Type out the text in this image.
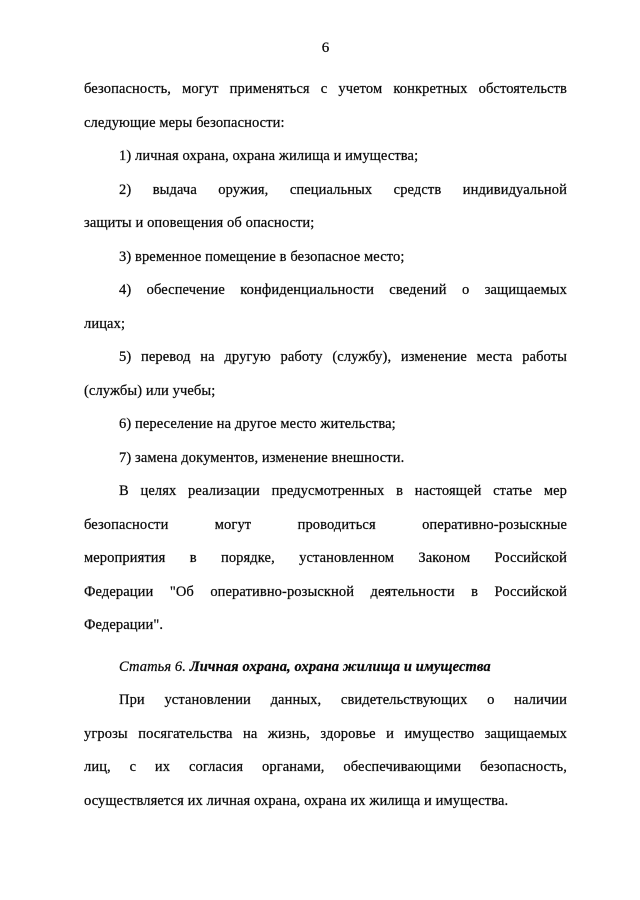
6
безопасность, могут применяться с учетом конкретных обстоятельств
следующие меры безопасности:
1) личная охрана, охрана жилища и имущества;
2) выдача оружия, специальных средств индивидуальной
защиты и оповещения об опасности;
3) временное помещение в безопасное место;
4) обеспечение конфиденциальности сведений о защищаемых
лицах;
5) перевод на другую работу (службу), изменение места работы
(службы) или учебы;
6) переселение на другое место жительства;
7) замена документов, изменение внешности.
В целях реализации предусмотренных в настоящей статье мер
безопасности могут проводиться оперативно-розыскные
мероприятия в порядке, установленном Законом Российской
Федерации "Об оперативно-розыскной деятельности в Российской
Федерации".
Статья 6. Личная охрана, охрана жилища и имущества
При установлении данных, свидетельствующих о наличии
угрозы посягательства на жизнь, здоровье и имущество защищаемых
лиц, с их согласия органами, обеспечивающими безопасность,
осуществляется их личная охрана, охрана их жилища и имущества.
